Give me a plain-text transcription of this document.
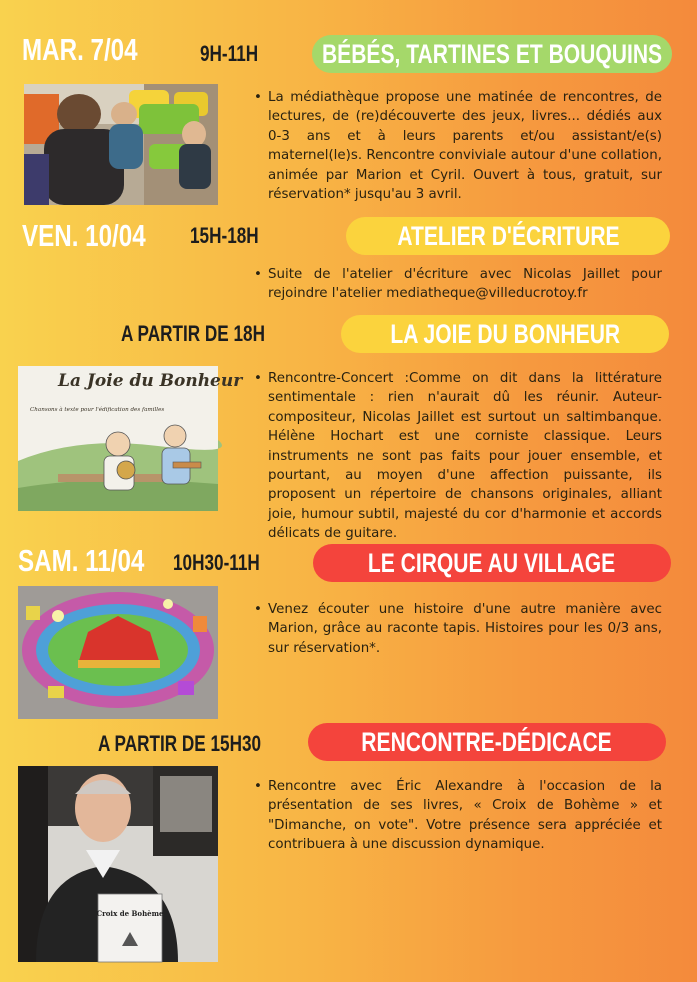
MAR. 7/04	9H-11H BÉBÉS, TARTINES ET BOUQUINS
• La médiathèque propose une matinée de rencontres, de lectures, de (re)découverte des jeux, livres... dédiés aux 0-3 ans et à leurs parents et/ou assistant/e(s) maternel(le)s. Rencontre conviviale autour d'une collation, animée par Marion et Cyril. Ouvert à tous, gratuit, sur réservation* jusqu'au 3 avril.
VEN. 10/04 15H-18H	ATELIER D'ÉCRITURE
• Suite de l'atelier d'écriture avec Nicolas Jaillet pour rejoindre l'atelier mediatheque@villeducrotoy.fr
A PARTIR DE 18H	LA JOIE DU BONHEUR
La Joie du Bonheur
Chansons à texte pour l'édification des familles
• Rencontre-Concert :Comme on dit dans la littérature sentimentale : rien n'aurait dû les réunir. Auteur-compositeur, Nicolas Jaillet est surtout un saltimbanque. Hélène Hochart est une corniste classique. Leurs instruments ne sont pas faits pour jouer ensemble, et pourtant, au moyen d'une affection puissante, ils proposent un répertoire de chansons originales, alliant joie, humour subtil, majesté du cor d'harmonie et accords délicats de guitare.
SAM. 11/04 10H30-11H	LE CIRQUE AU VILLAGE
• Venez écouter une histoire d'une autre manière avec Marion, grâce au raconte tapis. Histoires pour les 0/3 ans, sur réservation*.
A PARTIR DE 15H30	RENCONTRE-DÉDICACE
Croix de Bohème
• Rencontre avec Éric Alexandre à l'occasion de la présentation de ses livres, « Croix de Bohème » et "Dimanche, on vote". Votre présence sera appréciée et contribuera à une discussion dynamique.
